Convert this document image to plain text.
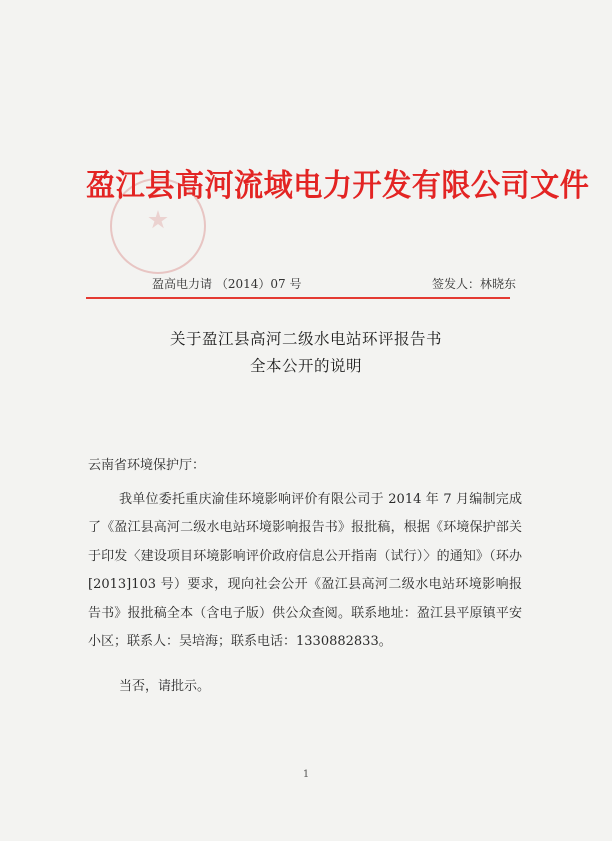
盈江县高河流域电力开发有限公司文件
盈高电力请 （2014）07 号	签发人：林晓东
关于盈江县高河二级水电站环评报告书
全本公开的说明
云南省环境保护厅：
我单位委托重庆渝佳环境影响评价有限公司于 2014 年 7 月编制完成了《盈江县高河二级水电站环境影响报告书》报批稿，根据《环境保护部关于印发〈建设项目环境影响评价政府信息公开指南（试行）〉的通知》（环办[2013]103 号）要求，现向社会公开《盈江县高河二级水电站环境影响报告书》报批稿全本（含电子版）供公众查阅。联系地址：盈江县平原镇平安小区；联系人：吴培海；联系电话：1330882833。
当否，请批示。
1
